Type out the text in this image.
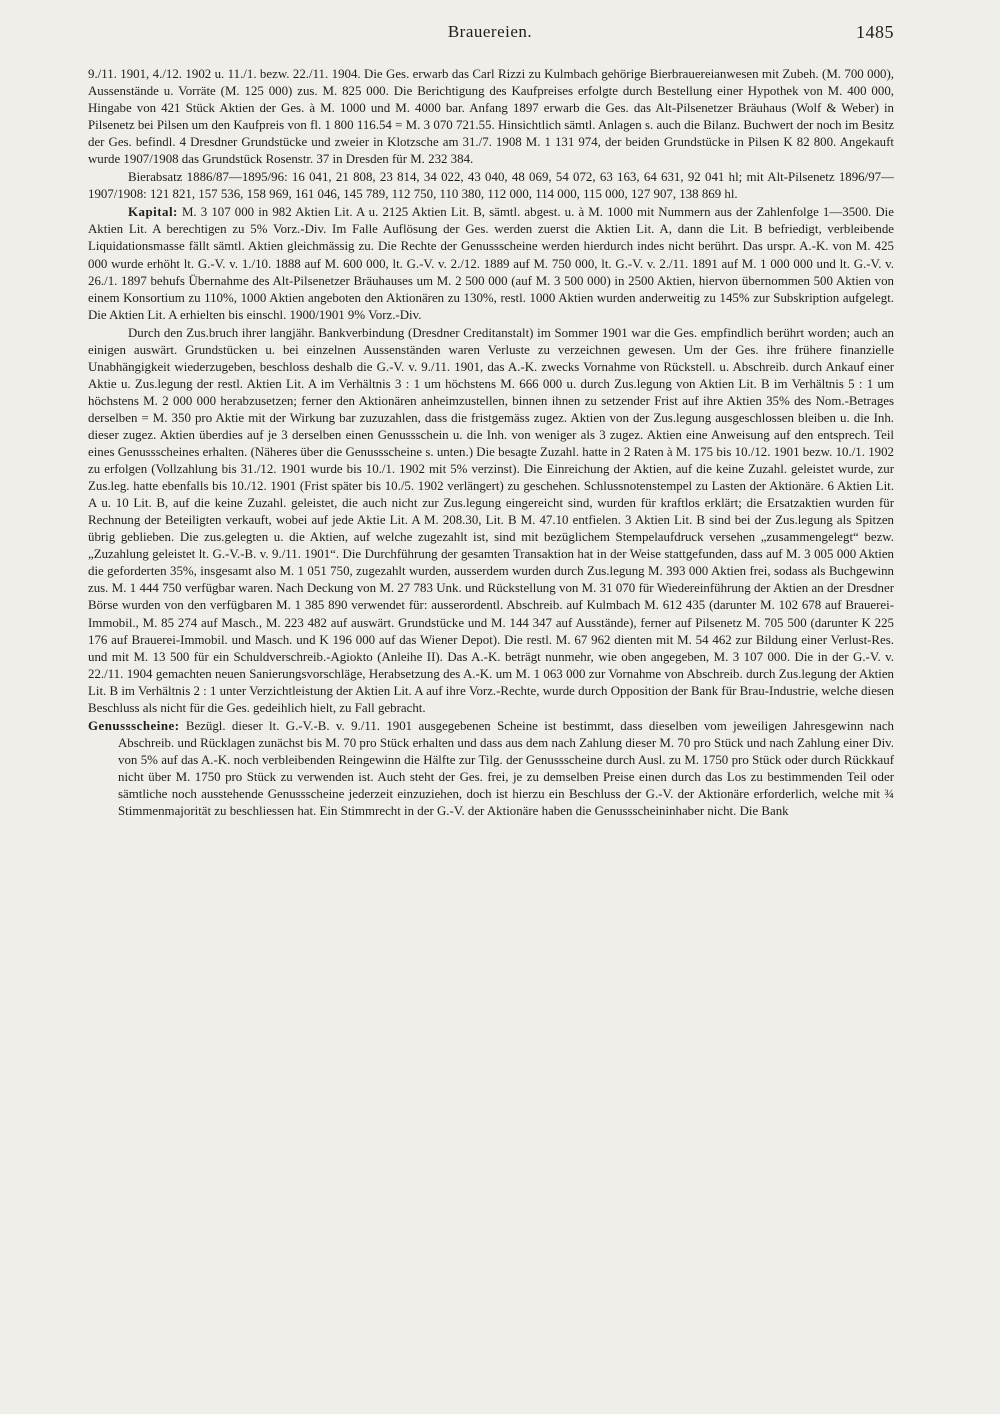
Brauereien.	1485

9./11. 1901, 4./12. 1902 u. 11./1. bezw. 22./11. 1904. Die Ges. erwarb das Carl Rizzi zu Kulmbach gehörige Bierbrauereianwesen mit Zubeh. (M. 700 000), Aussenstände u. Vorräte (M. 125 000) zus. M. 825 000. Die Berichtigung des Kaufpreises erfolgte durch Bestellung einer Hypothek von M. 400 000, Hingabe von 421 Stück Aktien der Ges. à M. 1000 und M. 4000 bar. Anfang 1897 erwarb die Ges. das Alt-Pilsenetzer Bräuhaus (Wolf & Weber) in Pilsenetz bei Pilsen um den Kaufpreis von fl. 1 800 116.54 = M. 3 070 721.55. Hinsichtlich sämtl. Anlagen s. auch die Bilanz. Buchwert der noch im Besitz der Ges. befindl. 4 Dresdner Grundstücke und zweier in Klotzsche am 31./7. 1908 M. 1 131 974, der beiden Grundstücke in Pilsen K 82 800. Angekauft wurde 1907/1908 das Grundstück Rosenstr. 37 in Dresden für M. 232 384.

Bierabsatz 1886/87—1895/96: 16 041, 21 808, 23 814, 34 022, 43 040, 48 069, 54 072, 63 163, 64 631, 92 041 hl; mit Alt-Pilsenetz 1896/97—1907/1908: 121 821, 157 536, 158 969, 161 046, 145 789, 112 750, 110 380, 112 000, 114 000, 115 000, 127 907, 138 869 hl.

Kapital: M. 3 107 000 in 982 Aktien Lit. A u. 2125 Aktien Lit. B, sämtl. abgest. u. à M. 1000 mit Nummern aus der Zahlenfolge 1—3500. Die Aktien Lit. A berechtigen zu 5% Vorz.-Div. Im Falle Auflösung der Ges. werden zuerst die Aktien Lit. A, dann die Lit. B befriedigt, verbleibende Liquidationsmasse fällt sämtl. Aktien gleichmässig zu. Die Rechte der Genussscheine werden hierdurch indes nicht berührt. Das urspr. A.-K. von M. 425 000 wurde erhöht lt. G.-V. v. 1./10. 1888 auf M. 600 000, lt. G.-V. v. 2./12. 1889 auf M. 750 000, lt. G.-V. v. 2./11. 1891 auf M. 1 000 000 und lt. G.-V. v. 26./1. 1897 behufs Übernahme des Alt-Pilsenetzer Bräuhauses um M. 2 500 000 (auf M. 3 500 000) in 2500 Aktien, hiervon übernommen 500 Aktien von einem Konsortium zu 110%, 1000 Aktien angeboten den Aktionären zu 130%, restl. 1000 Aktien wurden anderweitig zu 145% zur Subskription aufgelegt. Die Aktien Lit. A erhielten bis einschl. 1900/1901 9% Vorz.-Div.

Durch den Zus.bruch ihrer langjähr. Bankverbindung (Dresdner Creditanstalt) im Sommer 1901 war die Ges. empfindlich berührt worden; auch an einigen auswärt. Grundstücken u. bei einzelnen Aussenständen waren Verluste zu verzeichnen gewesen. Um der Ges. ihre frühere finanzielle Unabhängigkeit wiederzugeben, beschloss deshalb die G.-V. v. 9./11. 1901, das A.-K. zwecks Vornahme von Rückstell. u. Abschreib. durch Ankauf einer Aktie u. Zus.legung der restl. Aktien Lit. A im Verhältnis 3 : 1 um höchstens M. 666 000 u. durch Zus.legung von Aktien Lit. B im Verhältnis 5 : 1 um höchstens M. 2 000 000 herabzusetzen; ferner den Aktionären anheimzustellen, binnen ihnen zu setzender Frist auf ihre Aktien 35% des Nom.-Betrages derselben = M. 350 pro Aktie mit der Wirkung bar zuzuzahlen, dass die fristgemäss zugez. Aktien von der Zus.legung ausgeschlossen bleiben u. die Inh. dieser zugez. Aktien überdies auf je 3 derselben einen Genussschein u. die Inh. von weniger als 3 zugez. Aktien eine Anweisung auf den entsprech. Teil eines Genussscheines erhalten. (Näheres über die Genussscheine s. unten.) Die besagte Zuzahl. hatte in 2 Raten à M. 175 bis 10./12. 1901 bezw. 10./1. 1902 zu erfolgen (Vollzahlung bis 31./12. 1901 wurde bis 10./1. 1902 mit 5% verzinst). Die Einreichung der Aktien, auf die keine Zuzahl. geleistet wurde, zur Zus.leg. hatte ebenfalls bis 10./12. 1901 (Frist später bis 10./5. 1902 verlängert) zu geschehen. Schlussnotenstempel zu Lasten der Aktionäre. 6 Aktien Lit. A u. 10 Lit. B, auf die keine Zuzahl. geleistet, die auch nicht zur Zus.legung eingereicht sind, wurden für kraftlos erklärt; die Ersatzaktien wurden für Rechnung der Beteiligten verkauft, wobei auf jede Aktie Lit. A M. 208.30, Lit. B M. 47.10 entfielen. 3 Aktien Lit. B sind bei der Zus.legung als Spitzen übrig geblieben. Die zus.gelegten u. die Aktien, auf welche zugezahlt ist, sind mit bezüglichem Stempelaufdruck versehen „zusammengelegt“ bezw. „Zuzahlung geleistet lt. G.-V.-B. v. 9./11. 1901“. Die Durchführung der gesamten Transaktion hat in der Weise stattgefunden, dass auf M. 3 005 000 Aktien die geforderten 35%, insgesamt also M. 1 051 750, zugezahlt wurden, ausserdem wurden durch Zus.legung M. 393 000 Aktien frei, sodass als Buchgewinn zus. M. 1 444 750 verfügbar waren. Nach Deckung von M. 27 783 Unk. und Rückstellung von M. 31 070 für Wiedereinführung der Aktien an der Dresdner Börse wurden von den verfügbaren M. 1 385 890 verwendet für: ausserordentl. Abschreib. auf Kulmbach M. 612 435 (darunter M. 102 678 auf Brauerei-Immobil., M. 85 274 auf Masch., M. 223 482 auf auswärt. Grundstücke und M. 144 347 auf Ausstände), ferner auf Pilsenetz M. 705 500 (darunter K 225 176 auf Brauerei-Immobil. und Masch. und K 196 000 auf das Wiener Depot). Die restl. M. 67 962 dienten mit M. 54 462 zur Bildung einer Verlust-Res. und mit M. 13 500 für ein Schuldverschreib.-Agiokto (Anleihe II). Das A.-K. beträgt nunmehr, wie oben angegeben, M. 3 107 000. Die in der G.-V. v. 22./11. 1904 gemachten neuen Sanierungsvorschläge, Herabsetzung des A.-K. um M. 1 063 000 zur Vornahme von Abschreib. durch Zus.legung der Aktien Lit. B im Verhältnis 2 : 1 unter Verzichtleistung der Aktien Lit. A auf ihre Vorz.-Rechte, wurde durch Opposition der Bank für Brau-Industrie, welche diesen Beschluss als nicht für die Ges. gedeihlich hielt, zu Fall gebracht.

Genussscheine: Bezügl. dieser lt. G.-V.-B. v. 9./11. 1901 ausgegebenen Scheine ist bestimmt, dass dieselben vom jeweiligen Jahresgewinn nach Abschreib. und Rücklagen zunächst bis M. 70 pro Stück erhalten und dass aus dem nach Zahlung dieser M. 70 pro Stück und nach Zahlung einer Div. von 5% auf das A.-K. noch verbleibenden Reingewinn die Hälfte zur Tilg. der Genussscheine durch Ausl. zu M. 1750 pro Stück oder durch Rückkauf nicht über M. 1750 pro Stück zu verwenden ist. Auch steht der Ges. frei, je zu demselben Preise einen durch das Los zu bestimmenden Teil oder sämtliche noch ausstehende Genussscheine jederzeit einzuziehen, doch ist hierzu ein Beschluss der G.-V. der Aktionäre erforderlich, welche mit ¾ Stimmenmajorität zu beschliessen hat. Ein Stimmrecht in der G.-V. der Aktionäre haben die Genussscheininhaber nicht. Die Bank
